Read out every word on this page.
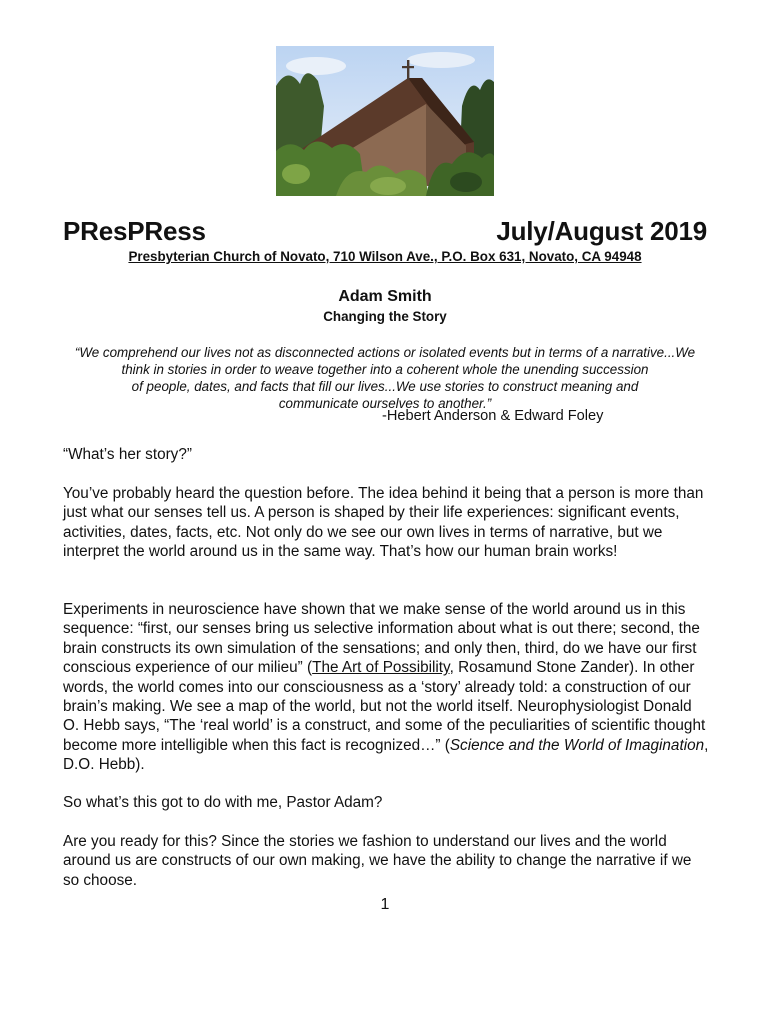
PResPRess	July/August 2019
Presbyterian Church of Novato, 710 Wilson Ave., P.O. Box 631, Novato, CA 94948
Adam Smith
Changing the Story
“We comprehend our lives not as disconnected actions or isolated events but in terms of a narrative...We
think in stories in order to weave together into a coherent whole the unending succession
of people, dates, and facts that fill our lives...We use stories to construct meaning and
communicate ourselves to another.”
-Hebert Anderson & Edward Foley

“What’s her story?”

You’ve probably heard the question before. The idea behind it being that a person is more than just what our senses tell us. A person is shaped by their life experiences: significant events, activities, dates, facts, etc. Not only do we see our own lives in terms of narrative, but we interpret the world around us in the same way. That’s how our human brain works!

Experiments in neuroscience have shown that we make sense of the world around us in this sequence: “first, our senses bring us selective information about what is out there; second, the brain constructs its own simulation of the sensations; and only then, third, do we have our first conscious experience of our milieu” (The Art of Possibility, Rosamund Stone Zander). In other words, the world comes into our consciousness as a ‘story’ already told: a construction of our brain’s making. We see a map of the world, but not the world itself. Neurophysiologist Donald O. Hebb says, “The ‘real world’ is a construct, and some of the peculiarities of scientific thought become more intelligible when this fact is recognized…” (Science and the World of Imagination, D.O. Hebb).

So what’s this got to do with me, Pastor Adam?

Are you ready for this? Since the stories we fashion to understand our lives and the world around us are constructs of our own making, we have the ability to change the narrative if we so choose.

1
